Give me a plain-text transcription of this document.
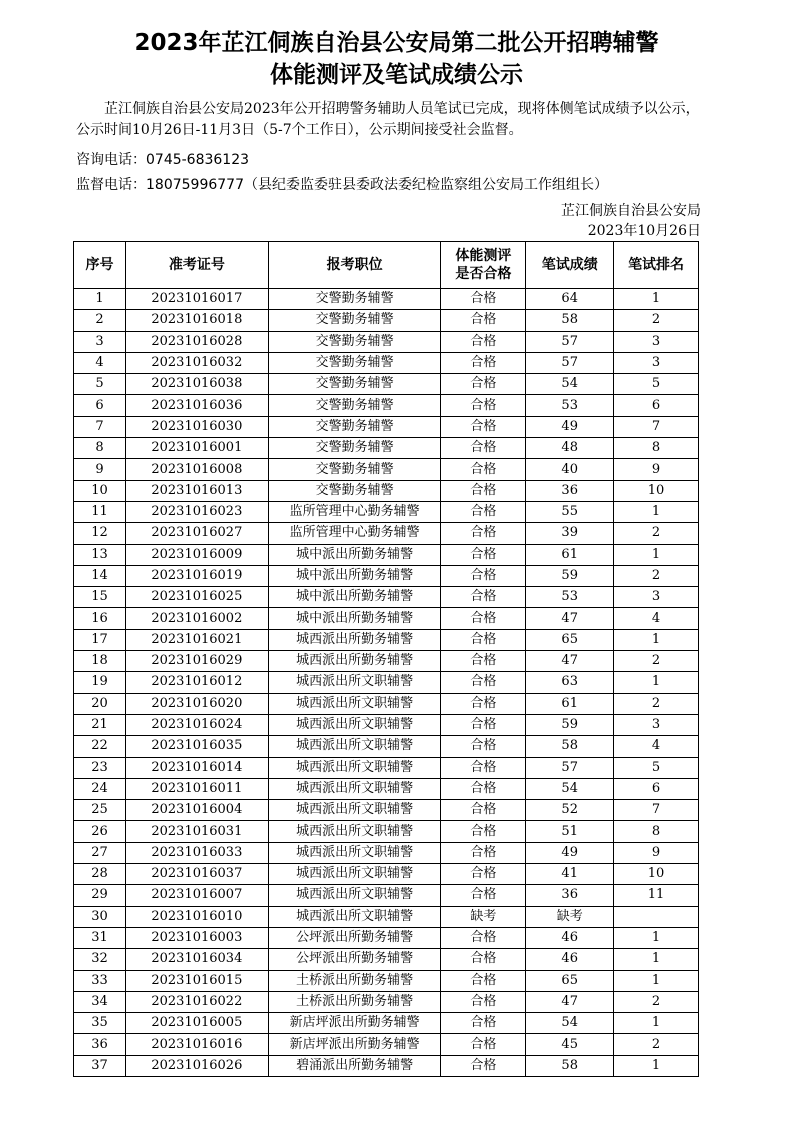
2023年芷江侗族自治县公安局第二批公开招聘辅警
体能测评及笔试成绩公示
芷江侗族自治县公安局2023年公开招聘警务辅助人员笔试已完成，现将体侧笔试成绩予以公示，公示时间10月26日-11月3日（5-7个工作日），公示期间接受社会监督。
咨询电话：0745-6836123
监督电话：18075996777（县纪委监委驻县委政法委纪检监察组公安局工作组组长）
芷江侗族自治县公安局
2023年10月26日
序号	准考证号	报考职位	体能测评
是否合格	笔试成绩	笔试排名
1	20231016017	交警勤务辅警	合格	64	1
2	20231016018	交警勤务辅警	合格	58	2
3	20231016028	交警勤务辅警	合格	57	3
4	20231016032	交警勤务辅警	合格	57	3
5	20231016038	交警勤务辅警	合格	54	5
6	20231016036	交警勤务辅警	合格	53	6
7	20231016030	交警勤务辅警	合格	49	7
8	20231016001	交警勤务辅警	合格	48	8
9	20231016008	交警勤务辅警	合格	40	9
10	20231016013	交警勤务辅警	合格	36	10
11	20231016023	监所管理中心勤务辅警	合格	55	1
12	20231016027	监所管理中心勤务辅警	合格	39	2
13	20231016009	城中派出所勤务辅警	合格	61	1
14	20231016019	城中派出所勤务辅警	合格	59	2
15	20231016025	城中派出所勤务辅警	合格	53	3
16	20231016002	城中派出所勤务辅警	合格	47	4
17	20231016021	城西派出所勤务辅警	合格	65	1
18	20231016029	城西派出所勤务辅警	合格	47	2
19	20231016012	城西派出所文职辅警	合格	63	1
20	20231016020	城西派出所文职辅警	合格	61	2
21	20231016024	城西派出所文职辅警	合格	59	3
22	20231016035	城西派出所文职辅警	合格	58	4
23	20231016014	城西派出所文职辅警	合格	57	5
24	20231016011	城西派出所文职辅警	合格	54	6
25	20231016004	城西派出所文职辅警	合格	52	7
26	20231016031	城西派出所文职辅警	合格	51	8
27	20231016033	城西派出所文职辅警	合格	49	9
28	20231016037	城西派出所文职辅警	合格	41	10
29	20231016007	城西派出所文职辅警	合格	36	11
30	20231016010	城西派出所文职辅警	缺考	缺考	
31	20231016003	公坪派出所勤务辅警	合格	46	1
32	20231016034	公坪派出所勤务辅警	合格	46	1
33	20231016015	土桥派出所勤务辅警	合格	65	1
34	20231016022	土桥派出所勤务辅警	合格	47	2
35	20231016005	新店坪派出所勤务辅警	合格	54	1
36	20231016016	新店坪派出所勤务辅警	合格	45	2
37	20231016026	碧涌派出所勤务辅警	合格	58	1
